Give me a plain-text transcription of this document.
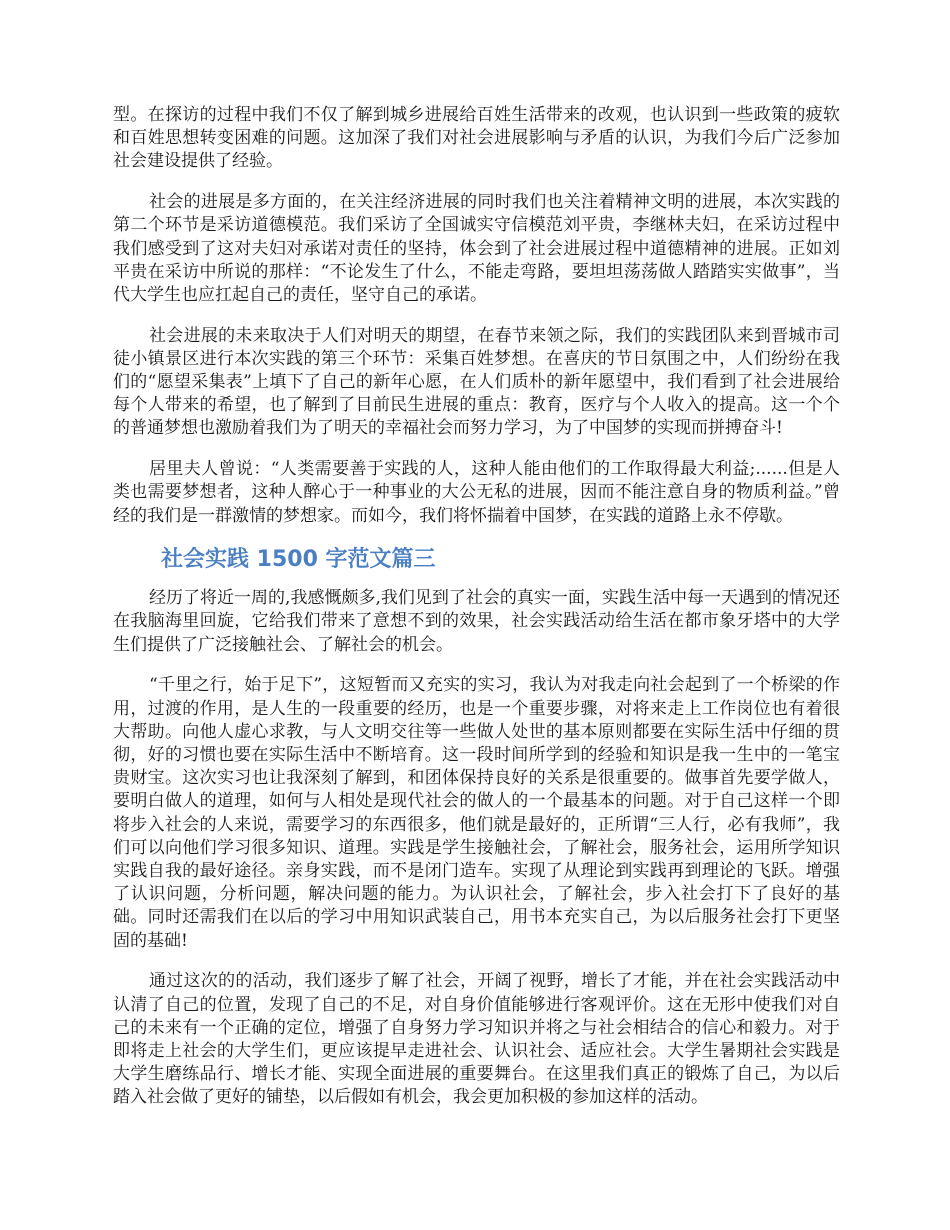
型。在探访的过程中我们不仅了解到城乡进展给百姓生活带来的改观，也认识到一些政策的疲软和百姓思想转变困难的问题。这加深了我们对社会进展影响与矛盾的认识，为我们今后广泛参加社会建设提供了经验。

社会的进展是多方面的，在关注经济进展的同时我们也关注着精神文明的进展，本次实践的第二个环节是采访道德模范。我们采访了全国诚实守信模范刘平贵，李继林夫妇，在采访过程中我们感受到了这对夫妇对承诺对责任的坚持，体会到了社会进展过程中道德精神的进展。正如刘平贵在采访中所说的那样：“不论发生了什么，不能走弯路，要坦坦荡荡做人踏踏实实做事”，当代大学生也应扛起自己的责任，坚守自己的承诺。

社会进展的未来取决于人们对明天的期望，在春节来领之际，我们的实践团队来到晋城市司徒小镇景区进行本次实践的第三个环节：采集百姓梦想。在喜庆的节日氛围之中，人们纷纷在我们的“愿望采集表”上填下了自己的新年心愿，在人们质朴的新年愿望中，我们看到了社会进展给每个人带来的希望，也了解到了目前民生进展的重点：教育，医疗与个人收入的提高。这一个个的普通梦想也激励着我们为了明天的幸福社会而努力学习，为了中国梦的实现而拼搏奋斗!

居里夫人曾说：“人类需要善于实践的人，这种人能由他们的工作取得最大利益;......但是人类也需要梦想者，这种人醉心于一种事业的大公无私的进展，因而不能注意自身的物质利益。”曾经的我们是一群激情的梦想家。而如今，我们将怀揣着中国梦，在实践的道路上永不停歇。

社会实践 1500 字范文篇三

经历了将近一周的,我感慨颇多,我们见到了社会的真实一面，实践生活中每一天遇到的情况还在我脑海里回旋，它给我们带来了意想不到的效果，社会实践活动给生活在都市象牙塔中的大学生们提供了广泛接触社会、了解社会的机会。

“千里之行，始于足下”，这短暂而又充实的实习，我认为对我走向社会起到了一个桥梁的作用，过渡的作用，是人生的一段重要的经历，也是一个重要步骤，对将来走上工作岗位也有着很大帮助。向他人虚心求教，与人文明交往等一些做人处世的基本原则都要在实际生活中仔细的贯彻，好的习惯也要在实际生活中不断培育。这一段时间所学到的经验和知识是我一生中的一笔宝贵财宝。这次实习也让我深刻了解到，和团体保持良好的关系是很重要的。做事首先要学做人，要明白做人的道理，如何与人相处是现代社会的做人的一个最基本的问题。对于自己这样一个即将步入社会的人来说，需要学习的东西很多，他们就是最好的，正所谓“三人行，必有我师”，我们可以向他们学习很多知识、道理。实践是学生接触社会，了解社会，服务社会，运用所学知识实践自我的最好途径。亲身实践，而不是闭门造车。实现了从理论到实践再到理论的飞跃。增强了认识问题，分析问题，解决问题的能力。为认识社会，了解社会，步入社会打下了良好的基础。同时还需我们在以后的学习中用知识武装自己，用书本充实自己，为以后服务社会打下更坚固的基础!

通过这次的的活动，我们逐步了解了社会，开阔了视野，增长了才能，并在社会实践活动中认清了自己的位置，发现了自己的不足，对自身价值能够进行客观评价。这在无形中使我们对自己的未来有一个正确的定位，增强了自身努力学习知识并将之与社会相结合的信心和毅力。对于即将走上社会的大学生们，更应该提早走进社会、认识社会、适应社会。大学生暑期社会实践是大学生磨练品行、增长才能、实现全面进展的重要舞台。在这里我们真正的锻炼了自己，为以后踏入社会做了更好的铺垫，以后假如有机会，我会更加积极的参加这样的活动。
